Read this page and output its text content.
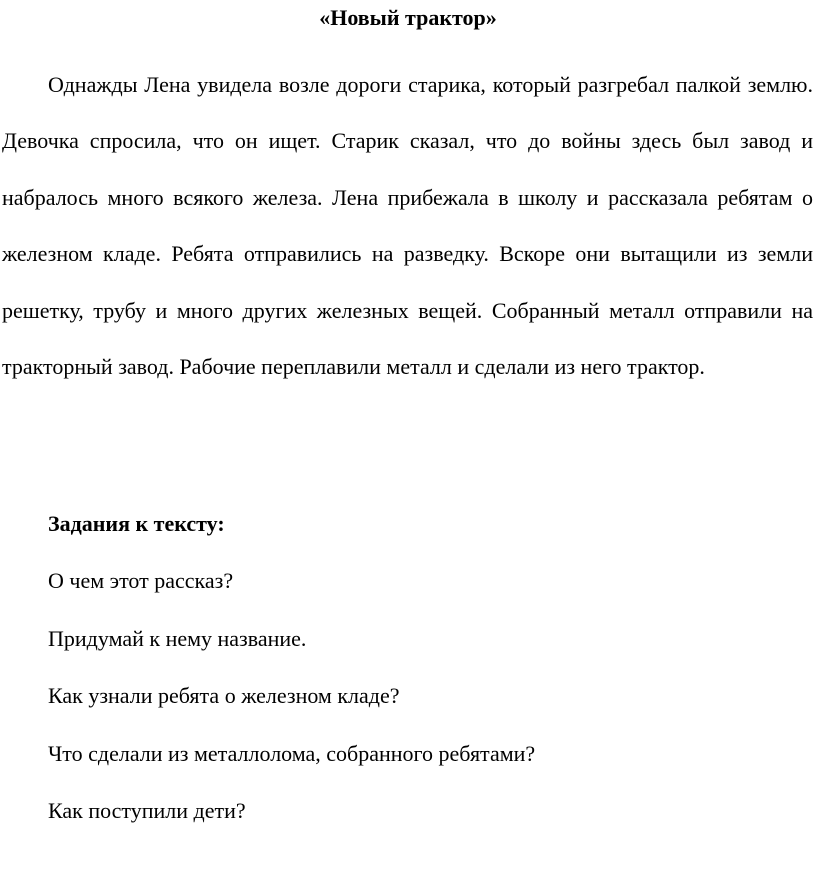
«Новый трактор»

Однажды Лена увидела возле дороги старика, который разгребал палкой землю. Девочка спросила, что он ищет. Старик сказал, что до войны здесь был завод и набралось много всякого железа. Лена прибежала в школу и рассказала ребятам о железном кладе. Ребята отправились на разведку. Вскоре они вытащили из земли решетку, трубу и много других железных вещей. Собранный металл отправили на тракторный завод. Рабочие переплавили металл и сделали из него трактор.

Задания к тексту:
О чем этот рассказ?
Придумай к нему название.
Как узнали ребята о железном кладе?
Что сделали из металлолома, собранного ребятами?
Как поступили дети?
